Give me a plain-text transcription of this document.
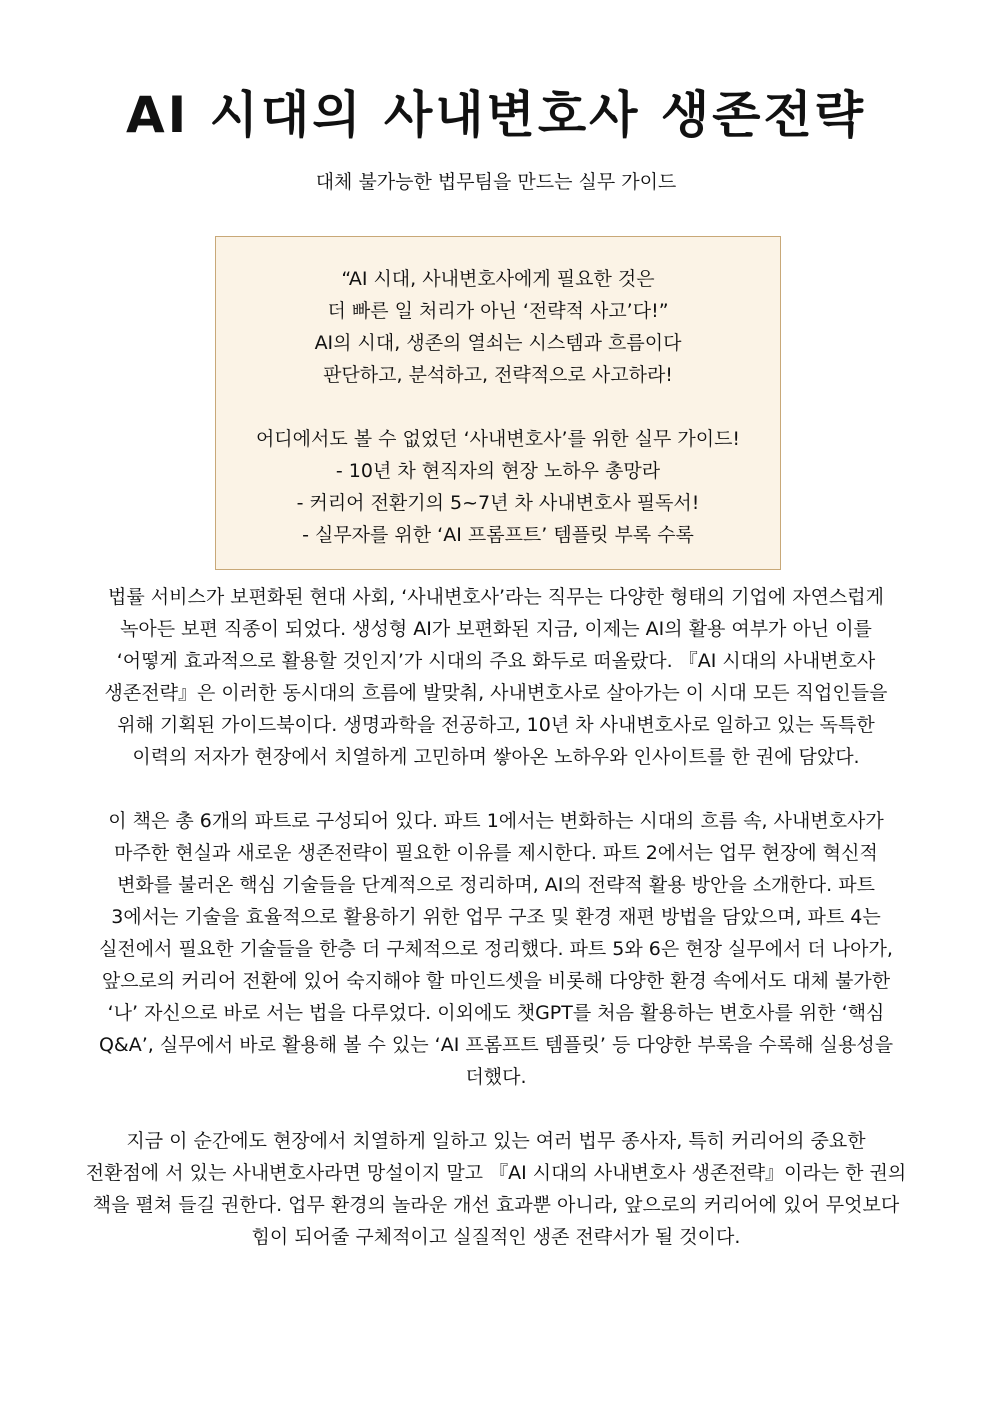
AI 시대의 사내변호사 생존전략

대체 불가능한 법무팀을 만드는 실무 가이드

“AI 시대, 사내변호사에게 필요한 것은

더 빠른 일 처리가 아닌 ‘전략적 사고’다!”

AI의 시대, 생존의 열쇠는 시스템과 흐름이다

판단하고, 분석하고, 전략적으로 사고하라!

어디에서도 볼 수 없었던 ‘사내변호사’를 위한 실무 가이드!

- 10년 차 현직자의 현장 노하우 총망라

- 커리어 전환기의 5~7년 차 사내변호사 필독서!

- 실무자를 위한 ‘AI 프롬프트’ 템플릿 부록 수록

법률 서비스가 보편화된 현대 사회, ‘사내변호사’라는 직무는 다양한 형태의 기업에 자연스럽게
녹아든 보편 직종이 되었다. 생성형 AI가 보편화된 지금, 이제는 AI의 활용 여부가 아닌 이를
‘어떻게 효과적으로 활용할 것인지’가 시대의 주요 화두로 떠올랐다. 『AI 시대의 사내변호사
생존전략』은 이러한 동시대의 흐름에 발맞춰, 사내변호사로 살아가는 이 시대 모든 직업인들을
위해 기획된 가이드북이다. 생명과학을 전공하고, 10년 차 사내변호사로 일하고 있는 독특한
이력의 저자가 현장에서 치열하게 고민하며 쌓아온 노하우와 인사이트를 한 권에 담았다.
이 책은 총 6개의 파트로 구성되어 있다. 파트 1에서는 변화하는 시대의 흐름 속, 사내변호사가
마주한 현실과 새로운 생존전략이 필요한 이유를 제시한다. 파트 2에서는 업무 현장에 혁신적
변화를 불러온 핵심 기술들을 단계적으로 정리하며, AI의 전략적 활용 방안을 소개한다. 파트
3에서는 기술을 효율적으로 활용하기 위한 업무 구조 및 환경 재편 방법을 담았으며, 파트 4는
실전에서 필요한 기술들을 한층 더 구체적으로 정리했다. 파트 5와 6은 현장 실무에서 더 나아가,
앞으로의 커리어 전환에 있어 숙지해야 할 마인드셋을 비롯해 다양한 환경 속에서도 대체 불가한
‘나’ 자신으로 바로 서는 법을 다루었다. 이외에도 챗GPT를 처음 활용하는 변호사를 위한 ‘핵심
Q&A’, 실무에서 바로 활용해 볼 수 있는 ‘AI 프롬프트 템플릿’ 등 다양한 부록을 수록해 실용성을
더했다.
지금 이 순간에도 현장에서 치열하게 일하고 있는 여러 법무 종사자, 특히 커리어의 중요한
전환점에 서 있는 사내변호사라면 망설이지 말고 『AI 시대의 사내변호사 생존전략』이라는 한 권의
책을 펼쳐 들길 권한다. 업무 환경의 놀라운 개선 효과뿐 아니라, 앞으로의 커리어에 있어 무엇보다
힘이 되어줄 구체적이고 실질적인 생존 전략서가 될 것이다.
